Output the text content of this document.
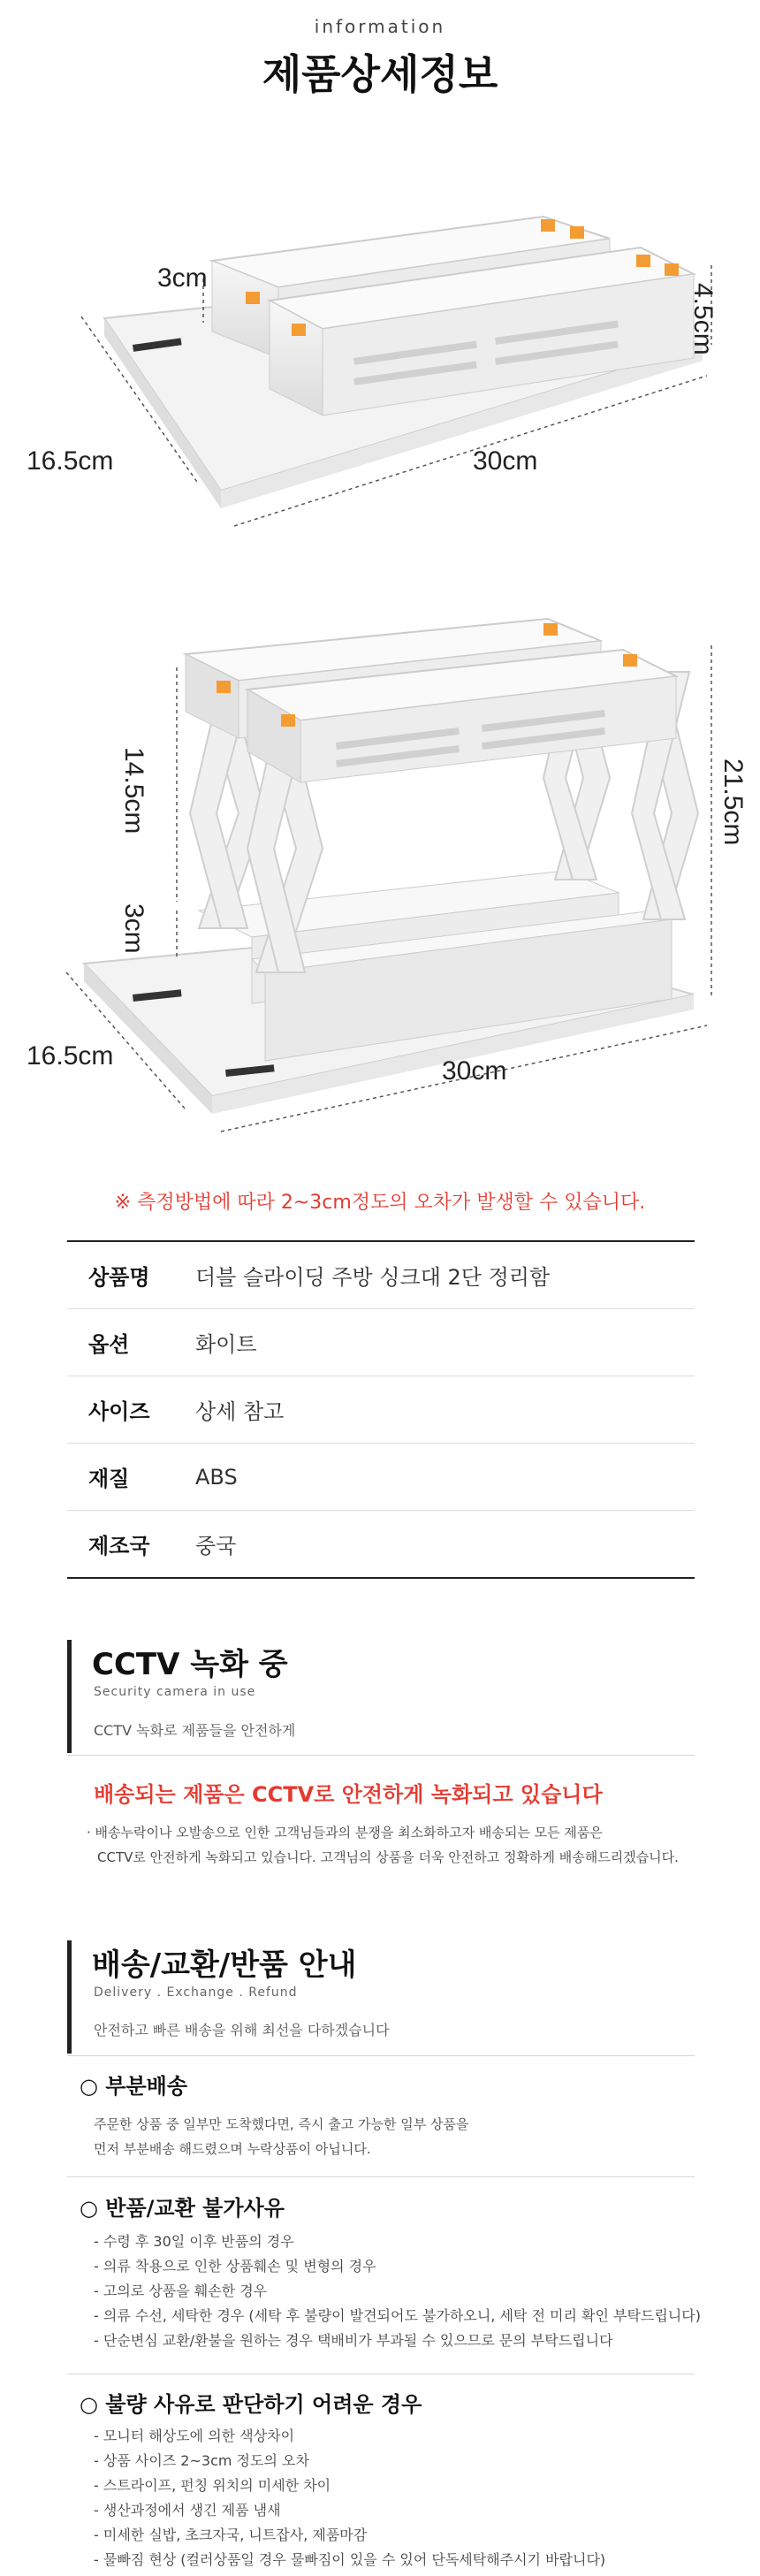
information
제품상세정보
3cm
4.5cm
16.5cm	30cm
14.5cm
3cm
21.5cm
16.5cm
30cm
※ 측정방법에 따라 2~3cm정도의 오차가 발생할 수 있습니다.
상품명	더블 슬라이딩 주방 싱크대 2단 정리함
옵션	화이트
사이즈	상세 참고
재질	ABS
제조국	중국
CCTV 녹화 중
Security camera in use
CCTV 녹화로 제품들을 안전하게
배송되는 제품은 CCTV로 안전하게 녹화되고 있습니다
· 배송누락이나 오발송으로 인한 고객님들과의 분쟁을 최소화하고자 배송되는 모든 제품은
CCTV로 안전하게 녹화되고 있습니다. 고객님의 상품을 더욱 안전하고 정확하게 배송해드리겠습니다.
배송/교환/반품 안내
Delivery . Exchange . Refund
안전하고 빠른 배송을 위해 최선을 다하겠습니다
○ 부분배송
주문한 상품 중 일부만 도착했다면, 즉시 출고 가능한 일부 상품을
먼저 부분배송 해드렸으며 누락상품이 아닙니다.
○ 반품/교환 불가사유
- 수령 후 30일 이후 반품의 경우
- 의류 착용으로 인한 상품훼손 및 변형의 경우
- 고의로 상품을 훼손한 경우
- 의류 수선, 세탁한 경우 (세탁 후 불량이 발견되어도 불가하오니, 세탁 전 미리 확인 부탁드립니다)
- 단순변심 교환/환불을 원하는 경우 택배비가 부과될 수 있으므로 문의 부탁드립니다
○ 불량 사유로 판단하기 어려운 경우
- 모니터 해상도에 의한 색상차이
- 상품 사이즈 2~3cm 정도의 오차
- 스트라이프, 펀칭 위치의 미세한 차이
- 생산과정에서 생긴 제품 냄새
- 미세한 실밥, 초크자국, 니트잡사, 제품마감
- 물빠짐 현상 (컬러상품일 경우 물빠짐이 있을 수 있어 단독세탁해주시기 바랍니다)
